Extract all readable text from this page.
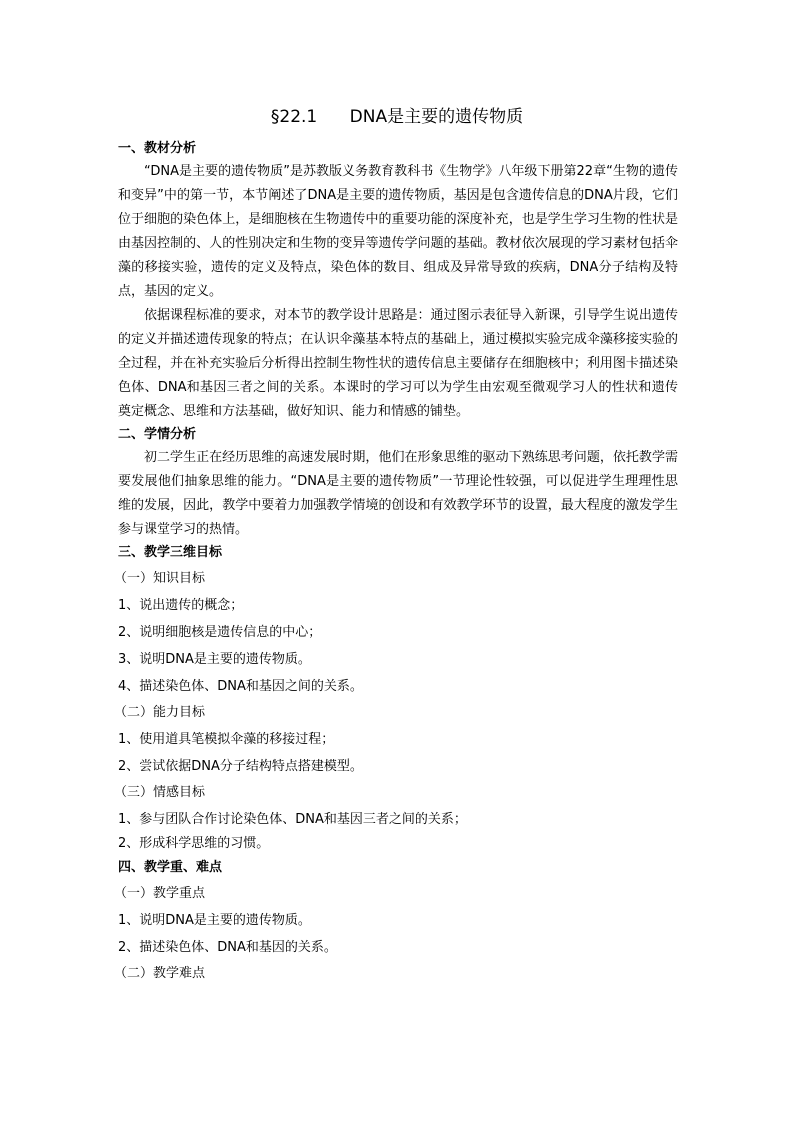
§22.1      DNA是主要的遗传物质

一、教材分析

“DNA是主要的遗传物质”是苏教版义务教育教科书《生物学》八年级下册第22章“生物的遗传和变异”中的第一节，本节阐述了DNA是主要的遗传物质，基因是包含遗传信息的DNA片段，它们位于细胞的染色体上，是细胞核在生物遗传中的重要功能的深度补充，也是学生学习生物的性状是由基因控制的、人的性别决定和生物的变异等遗传学问题的基础。教材依次展现的学习素材包括伞藻的移接实验，遗传的定义及特点，染色体的数目、组成及异常导致的疾病，DNA分子结构及特点，基因的定义。

依据课程标准的要求，对本节的教学设计思路是：通过图示表征导入新课，引导学生说出遗传的定义并描述遗传现象的特点；在认识伞藻基本特点的基础上，通过模拟实验完成伞藻移接实验的全过程，并在补充实验后分析得出控制生物性状的遗传信息主要储存在细胞核中；利用图卡描述染色体、DNA和基因三者之间的关系。本课时的学习可以为学生由宏观至微观学习人的性状和遗传奠定概念、思维和方法基础，做好知识、能力和情感的铺垫。

二、学情分析

初二学生正在经历思维的高速发展时期，他们在形象思维的驱动下熟练思考问题，依托教学需要发展他们抽象思维的能力。“DNA是主要的遗传物质”一节理论性较强，可以促进学生理理性思维的发展，因此，教学中要着力加强教学情境的创设和有效教学环节的设置，最大程度的激发学生参与课堂学习的热情。

三、教学三维目标

（一）知识目标

1、说出遗传的概念；

2、说明细胞核是遗传信息的中心；

3、说明DNA是主要的遗传物质。

4、描述染色体、DNA和基因之间的关系。

（二）能力目标

1、使用道具笔模拟伞藻的移接过程；

2、尝试依据DNA分子结构特点搭建模型。

（三）情感目标

1、参与团队合作讨论染色体、DNA和基因三者之间的关系；

2、形成科学思维的习惯。

四、教学重、难点

（一）教学重点

1、说明DNA是主要的遗传物质。

2、描述染色体、DNA和基因的关系。

（二）教学难点
